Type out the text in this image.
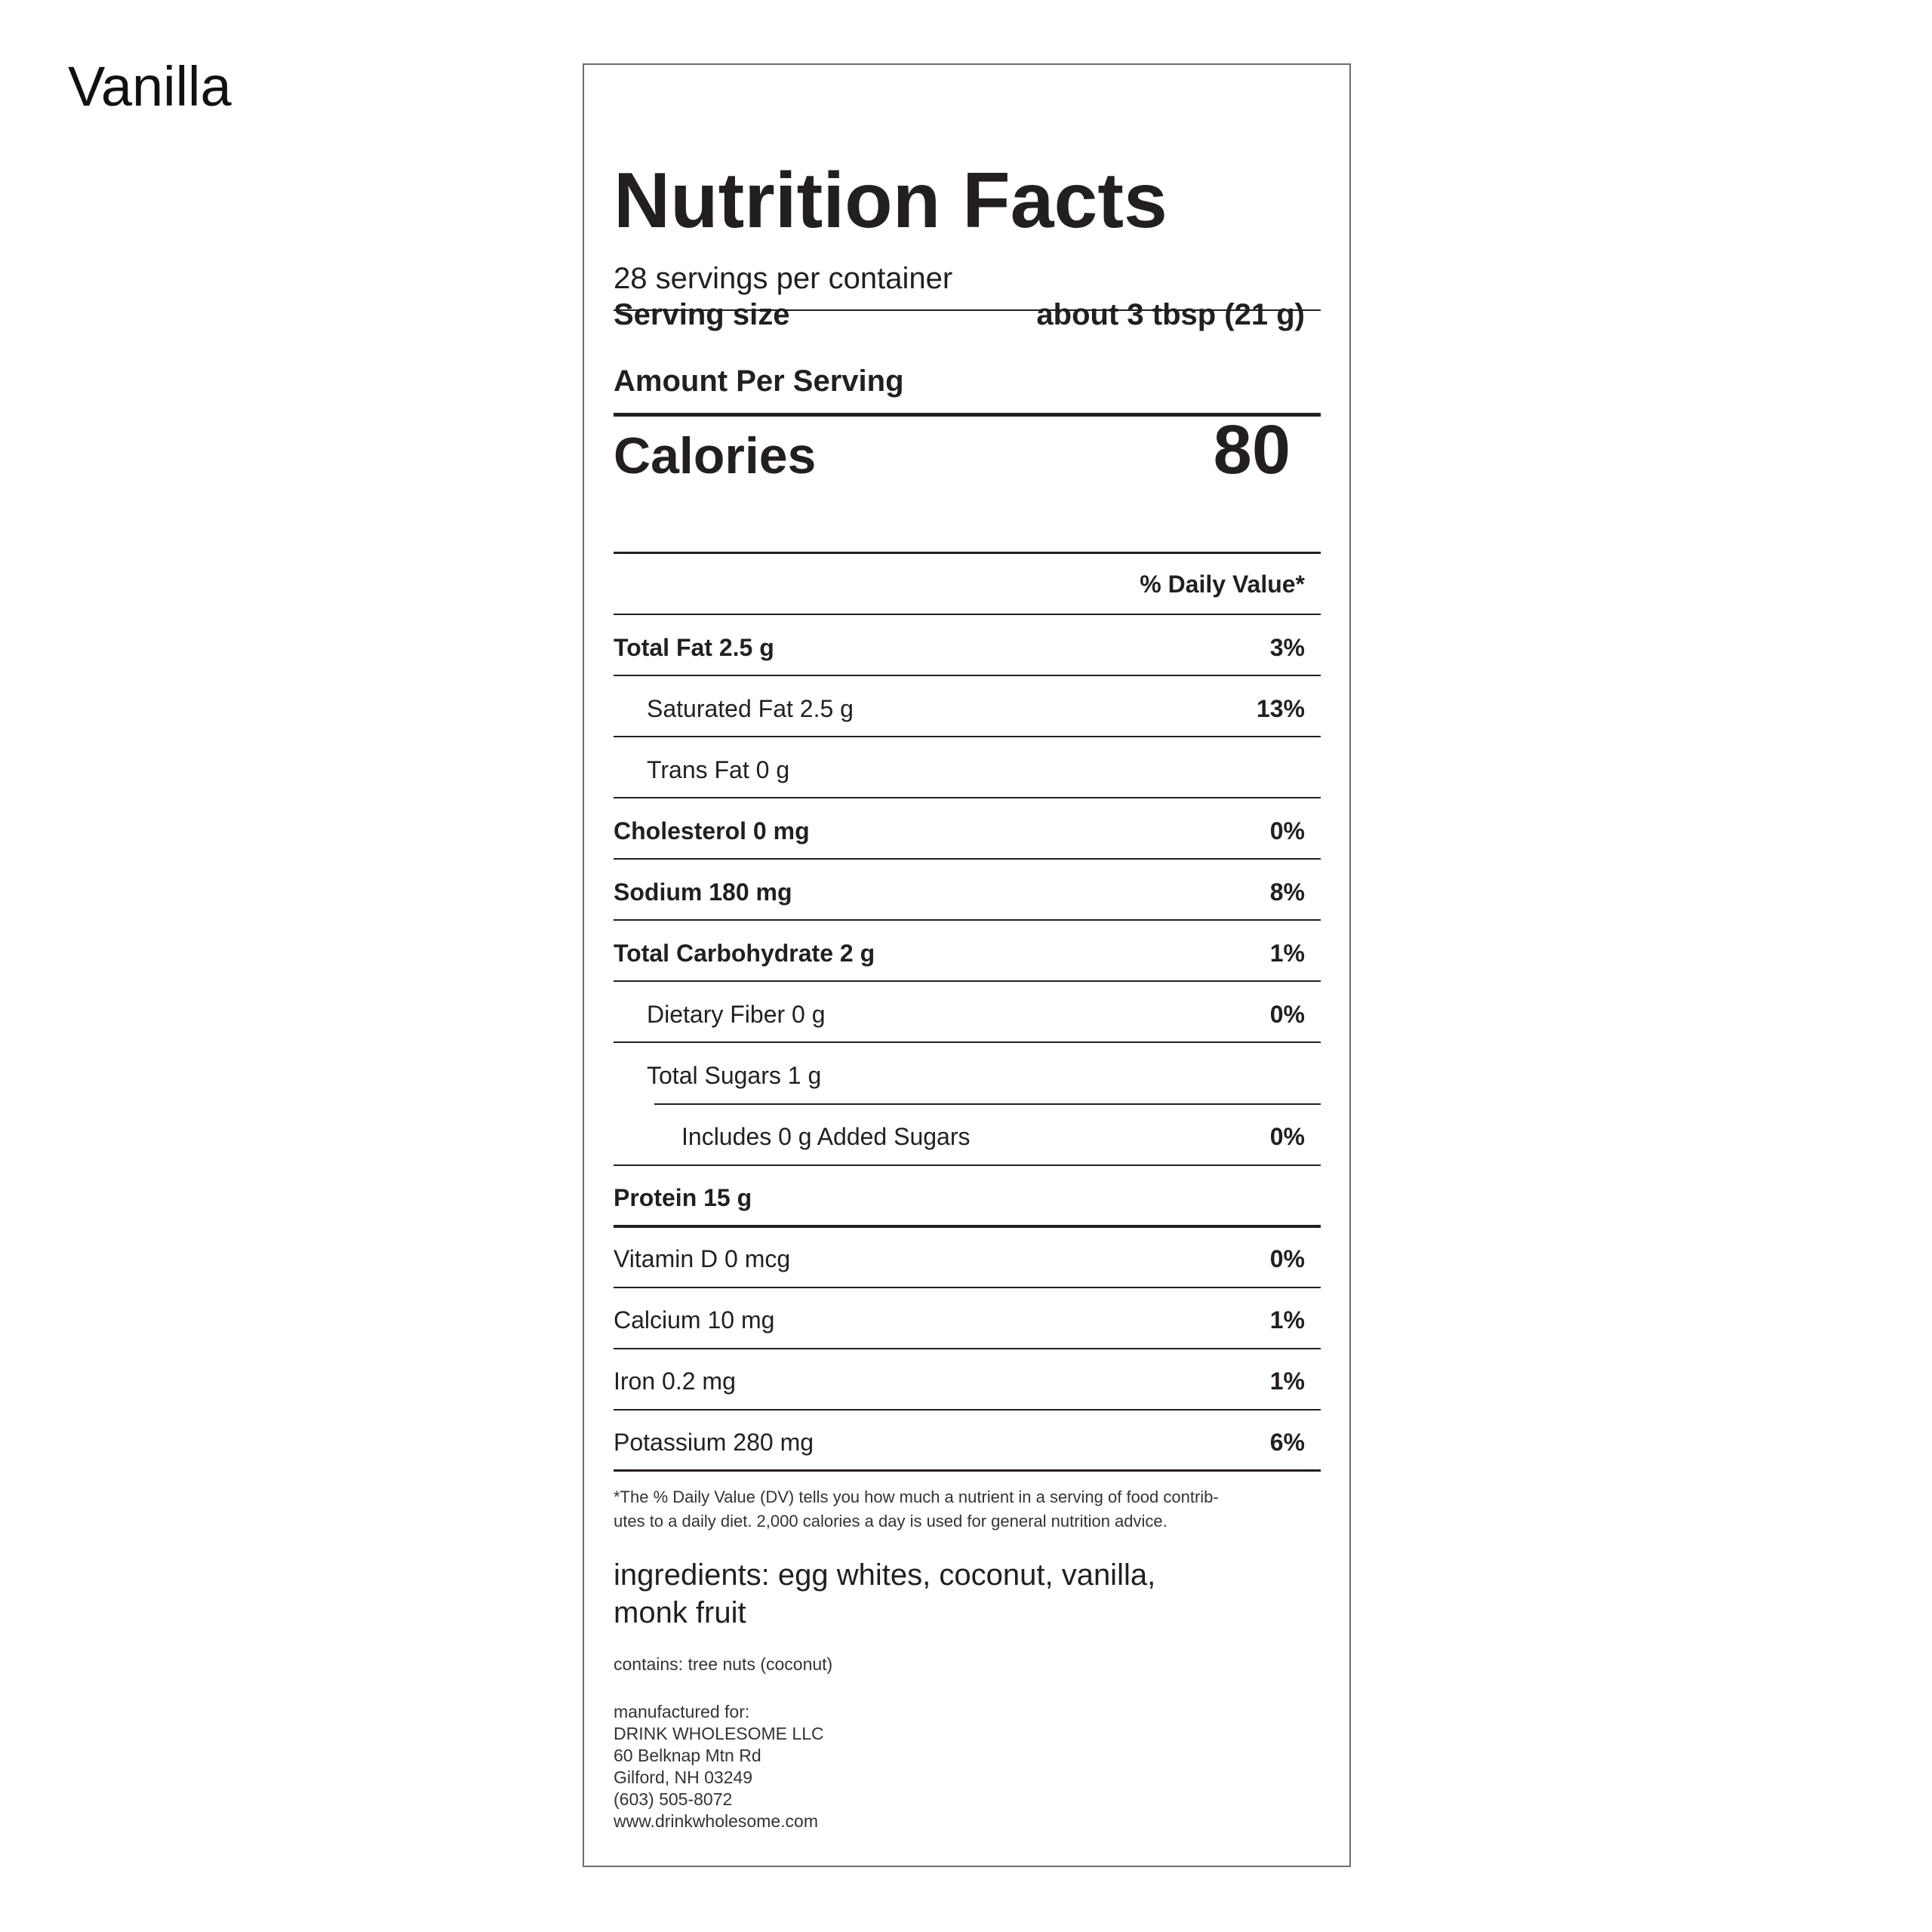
Vanilla
Nutrition Facts
28 servings per container
Serving size	about 3 tbsp (21 g)
Amount Per Serving
Calories	80
% Daily Value*
Total Fat 2.5 g	3%
Saturated Fat 2.5 g	13%
Trans Fat 0 g
Cholesterol 0 mg	0%
Sodium 180 mg	8%
Total Carbohydrate 2 g	1%
Dietary Fiber 0 g	0%
Total Sugars 1 g
Includes 0 g Added Sugars	0%
Protein 15 g
Vitamin D 0 mcg	0%
Calcium 10 mg	1%
Iron 0.2 mg	1%
Potassium 280 mg	6%
*The % Daily Value (DV) tells you how much a nutrient in a serving of food contrib-
utes to a daily diet. 2,000 calories a day is used for general nutrition advice.
ingredients: egg whites, coconut, vanilla,
monk fruit
contains: tree nuts (coconut)
manufactured for:
DRINK WHOLESOME LLC
60 Belknap Mtn Rd
Gilford, NH 03249
(603) 505-8072
www.drinkwholesome.com
